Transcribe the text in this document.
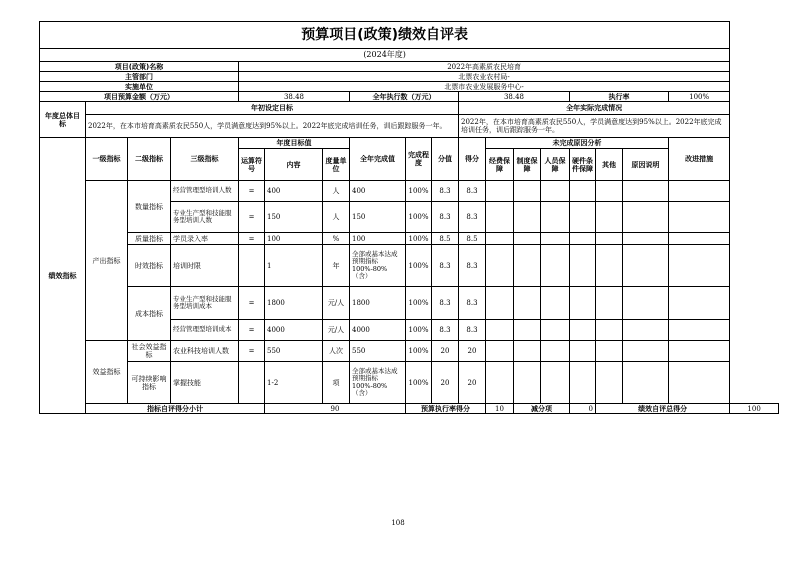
预算项目(政策)绩效自评表																		
(2024年度)																		
项目(政策)名称				2022年高素质农民培育														
主管部门				北票农业农村局-														
实施单位				北票市农业发展服务中心-														
项目预算金额（万元）				38.48			全年执行数（万元）			38.48				执行率			100%	
年度总体目标	年初设定目标									全年实际完成情况								
	2022年，在本市培育高素质农民550人，学员满意度达到95%以上。2022年底完成培训任务，训后跟踪服务一年。									2022年，在本市培育高素质农民550人，学员满意度达到95%以上。2022年底完成培训任务，训后跟踪服务一年。								
绩效指标	一级指标	二级指标	三级指标	年度目标值			全年完成值	完成程度	分值	得分	未完成原因分析						改进措施	
				运算符号	内容	度量单位					经费保障	制度保障	人员保障	硬件条件保障	其他	原因说明		
	产出指标	数量指标	经营管理型培训人数	=	400	人	400	100%	8.3	8.3								
			专业生产型和技能服务型培训人数	=	150	人	150	100%	8.3	8.3								
		质量指标	学员录入率	=	100	%	100	100%	8.5	8.5								
		时效指标	培训时限		1	年	全部或基本达成预期指标100%-80%（含）	100%	8.3	8.3								
		成本指标	专业生产型和技能服务型培训成本	=	1800	元/人	1800	100%	8.3	8.3								
			经营管理型培训成本	=	4000	元/人	4000	100%	8.3	8.3								
	效益指标	社会效益指标	农业科技培训人数	=	550	人次	550	100%	20	20								
		可持续影响指标	掌握技能		1-2	项	全部或基本达成预期指标100%-80%（含）	100%	20	20								
	指标自评得分小计				90			预算执行率得分			10	减分项		0	绩效自评总得分			100
108
